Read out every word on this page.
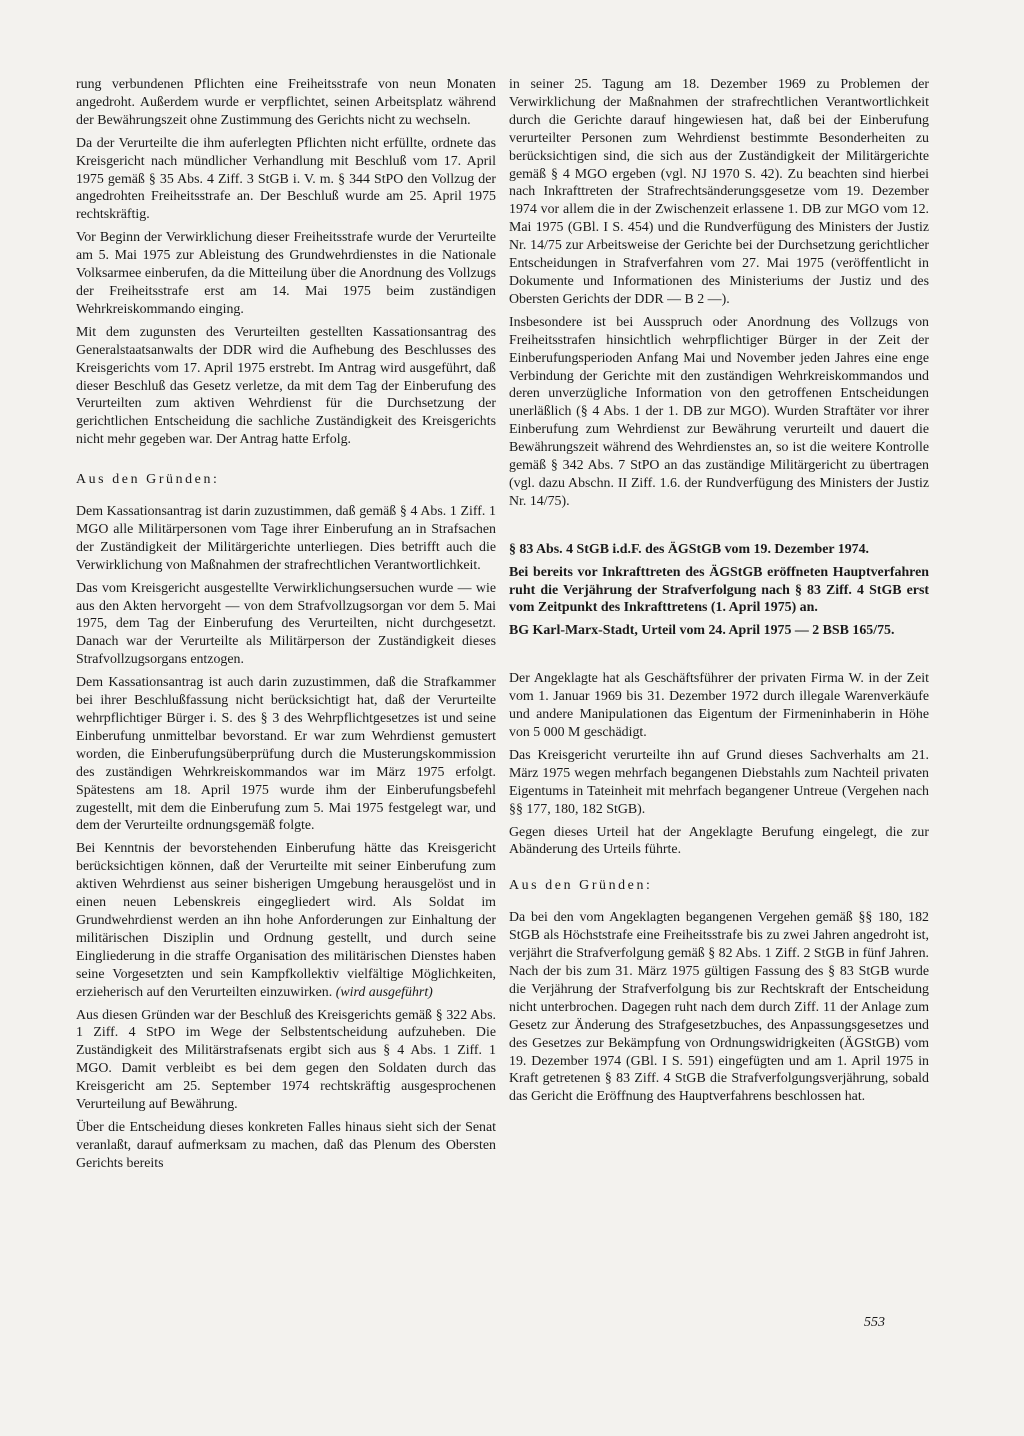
rung verbundenen Pflichten eine Freiheitsstrafe von neun Monaten angedroht. Außerdem wurde er verpflichtet, seinen Arbeitsplatz während der Bewährungszeit ohne Zustimmung des Gerichts nicht zu wechseln.

Da der Verurteilte die ihm auferlegten Pflichten nicht erfüllte, ordnete das Kreisgericht nach mündlicher Verhandlung mit Beschluß vom 17. April 1975 gemäß § 35 Abs. 4 Ziff. 3 StGB i. V. m. § 344 StPO den Vollzug der angedrohten Freiheitsstrafe an. Der Beschluß wurde am 25. April 1975 rechtskräftig.

Vor Beginn der Verwirklichung dieser Freiheitsstrafe wurde der Verurteilte am 5. Mai 1975 zur Ableistung des Grundwehrdienstes in die Nationale Volksarmee einberufen, da die Mitteilung über die Anordnung des Vollzugs der Freiheitsstrafe erst am 14. Mai 1975 beim zuständigen Wehrkreiskommando einging.

Mit dem zugunsten des Verurteilten gestellten Kassationsantrag des Generalstaatsanwalts der DDR wird die Aufhebung des Beschlusses des Kreisgerichts vom 17. April 1975 erstrebt. Im Antrag wird ausgeführt, daß dieser Beschluß das Gesetz verletze, da mit dem Tag der Einberufung des Verurteilten zum aktiven Wehrdienst für die Durchsetzung der gerichtlichen Entscheidung die sachliche Zuständigkeit des Kreisgerichts nicht mehr gegeben war. Der Antrag hatte Erfolg.

Aus den Gründen:

Dem Kassationsantrag ist darin zuzustimmen, daß gemäß § 4 Abs. 1 Ziff. 1 MGO alle Militärpersonen vom Tage ihrer Einberufung an in Strafsachen der Zuständigkeit der Militärgerichte unterliegen. Dies betrifft auch die Verwirklichung von Maßnahmen der strafrechtlichen Verantwortlichkeit.

Das vom Kreisgericht ausgestellte Verwirklichungsersuchen wurde — wie aus den Akten hervorgeht — von dem Strafvollzugsorgan vor dem 5. Mai 1975, dem Tag der Einberufung des Verurteilten, nicht durchgesetzt. Danach war der Verurteilte als Militärperson der Zuständigkeit dieses Strafvollzugsorgans entzogen.

Dem Kassationsantrag ist auch darin zuzustimmen, daß die Strafkammer bei ihrer Beschlußfassung nicht berücksichtigt hat, daß der Verurteilte wehrpflichtiger Bürger i. S. des § 3 des Wehrpflichtgesetzes ist und seine Einberufung unmittelbar bevorstand. Er war zum Wehrdienst gemustert worden, die Einberufungsüberprüfung durch die Musterungskommission des zuständigen Wehrkreiskommandos war im März 1975 erfolgt. Spätestens am 18. April 1975 wurde ihm der Einberufungsbefehl zugestellt, mit dem die Einberufung zum 5. Mai 1975 festgelegt war, und dem der Verurteilte ordnungsgemäß folgte.

Bei Kenntnis der bevorstehenden Einberufung hätte das Kreisgericht berücksichtigen können, daß der Verurteilte mit seiner Einberufung zum aktiven Wehrdienst aus seiner bisherigen Umgebung herausgelöst und in einen neuen Lebenskreis eingegliedert wird. Als Soldat im Grundwehrdienst werden an ihn hohe Anforderungen zur Einhaltung der militärischen Disziplin und Ordnung gestellt, und durch seine Eingliederung in die straffe Organisation des militärischen Dienstes haben seine Vorgesetzten und sein Kampfkollektiv vielfältige Möglichkeiten, erzieherisch auf den Verurteilten einzuwirken. (wird ausgeführt)

Aus diesen Gründen war der Beschluß des Kreisgerichts gemäß § 322 Abs. 1 Ziff. 4 StPO im Wege der Selbstentscheidung aufzuheben. Die Zuständigkeit des Militärstrafsenats ergibt sich aus § 4 Abs. 1 Ziff. 1 MGO. Damit verbleibt es bei dem gegen den Soldaten durch das Kreisgericht am 25. September 1974 rechtskräftig ausgesprochenen Verurteilung auf Bewährung.

Über die Entscheidung dieses konkreten Falles hinaus sieht sich der Senat veranlaßt, darauf aufmerksam zu machen, daß das Plenum des Obersten Gerichts bereits

in seiner 25. Tagung am 18. Dezember 1969 zu Problemen der Verwirklichung der Maßnahmen der strafrechtlichen Verantwortlichkeit durch die Gerichte darauf hingewiesen hat, daß bei der Einberufung verurteilter Personen zum Wehrdienst bestimmte Besonderheiten zu berücksichtigen sind, die sich aus der Zuständigkeit der Militärgerichte gemäß § 4 MGO ergeben (vgl. NJ 1970 S. 42). Zu beachten sind hierbei nach Inkrafttreten der Strafrechtsänderungsgesetze vom 19. Dezember 1974 vor allem die in der Zwischenzeit erlassene 1. DB zur MGO vom 12. Mai 1975 (GBl. I S. 454) und die Rundverfügung des Ministers der Justiz Nr. 14/75 zur Arbeitsweise der Gerichte bei der Durchsetzung gerichtlicher Entscheidungen in Strafverfahren vom 27. Mai 1975 (veröffentlicht in Dokumente und Informationen des Ministeriums der Justiz und des Obersten Gerichts der DDR — B 2 —).

Insbesondere ist bei Ausspruch oder Anordnung des Vollzugs von Freiheitsstrafen hinsichtlich wehrpflichtiger Bürger in der Zeit der Einberufungsperioden Anfang Mai und November jeden Jahres eine enge Verbindung der Gerichte mit den zuständigen Wehrkreiskommandos und deren unverzügliche Information von den getroffenen Entscheidungen unerläßlich (§ 4 Abs. 1 der 1. DB zur MGO). Wurden Straftäter vor ihrer Einberufung zum Wehrdienst zur Bewährung verurteilt und dauert die Bewährungszeit während des Wehrdienstes an, so ist die weitere Kontrolle gemäß § 342 Abs. 7 StPO an das zuständige Militärgericht zu übertragen (vgl. dazu Abschn. II Ziff. 1.6. der Rundverfügung des Ministers der Justiz Nr. 14/75).

§ 83 Abs. 4 StGB i.d.F. des ÄGStGB vom 19. Dezember 1974.

Bei bereits vor Inkrafttreten des ÄGStGB eröffneten Hauptverfahren ruht die Verjährung der Strafverfolgung nach § 83 Ziff. 4 StGB erst vom Zeitpunkt des Inkrafttretens (1. April 1975) an.

BG Karl-Marx-Stadt, Urteil vom 24. April 1975 — 2 BSB 165/75.

Der Angeklagte hat als Geschäftsführer der privaten Firma W. in der Zeit vom 1. Januar 1969 bis 31. Dezember 1972 durch illegale Warenverkäufe und andere Manipulationen das Eigentum der Firmeninhaberin in Höhe von 5 000 M geschädigt.

Das Kreisgericht verurteilte ihn auf Grund dieses Sachverhalts am 21. März 1975 wegen mehrfach begangenen Diebstahls zum Nachteil privaten Eigentums in Tateinheit mit mehrfach begangener Untreue (Vergehen nach §§ 177, 180, 182 StGB).

Gegen dieses Urteil hat der Angeklagte Berufung eingelegt, die zur Abänderung des Urteils führte.

Aus den Gründen:

Da bei den vom Angeklagten begangenen Vergehen gemäß §§ 180, 182 StGB als Höchststrafe eine Freiheitsstrafe bis zu zwei Jahren angedroht ist, verjährt die Strafverfolgung gemäß § 82 Abs. 1 Ziff. 2 StGB in fünf Jahren. Nach der bis zum 31. März 1975 gültigen Fassung des § 83 StGB wurde die Verjährung der Strafverfolgung bis zur Rechtskraft der Entscheidung nicht unterbrochen. Dagegen ruht nach dem durch Ziff. 11 der Anlage zum Gesetz zur Änderung des Strafgesetzbuches, des Anpassungsgesetzes und des Gesetzes zur Bekämpfung von Ordnungswidrigkeiten (ÄGStGB) vom 19. Dezember 1974 (GBl. I S. 591) eingefügten und am 1. April 1975 in Kraft getretenen § 83 Ziff. 4 StGB die Strafverfolgungsverjährung, sobald das Gericht die Eröffnung des Hauptverfahrens beschlossen hat.

553
